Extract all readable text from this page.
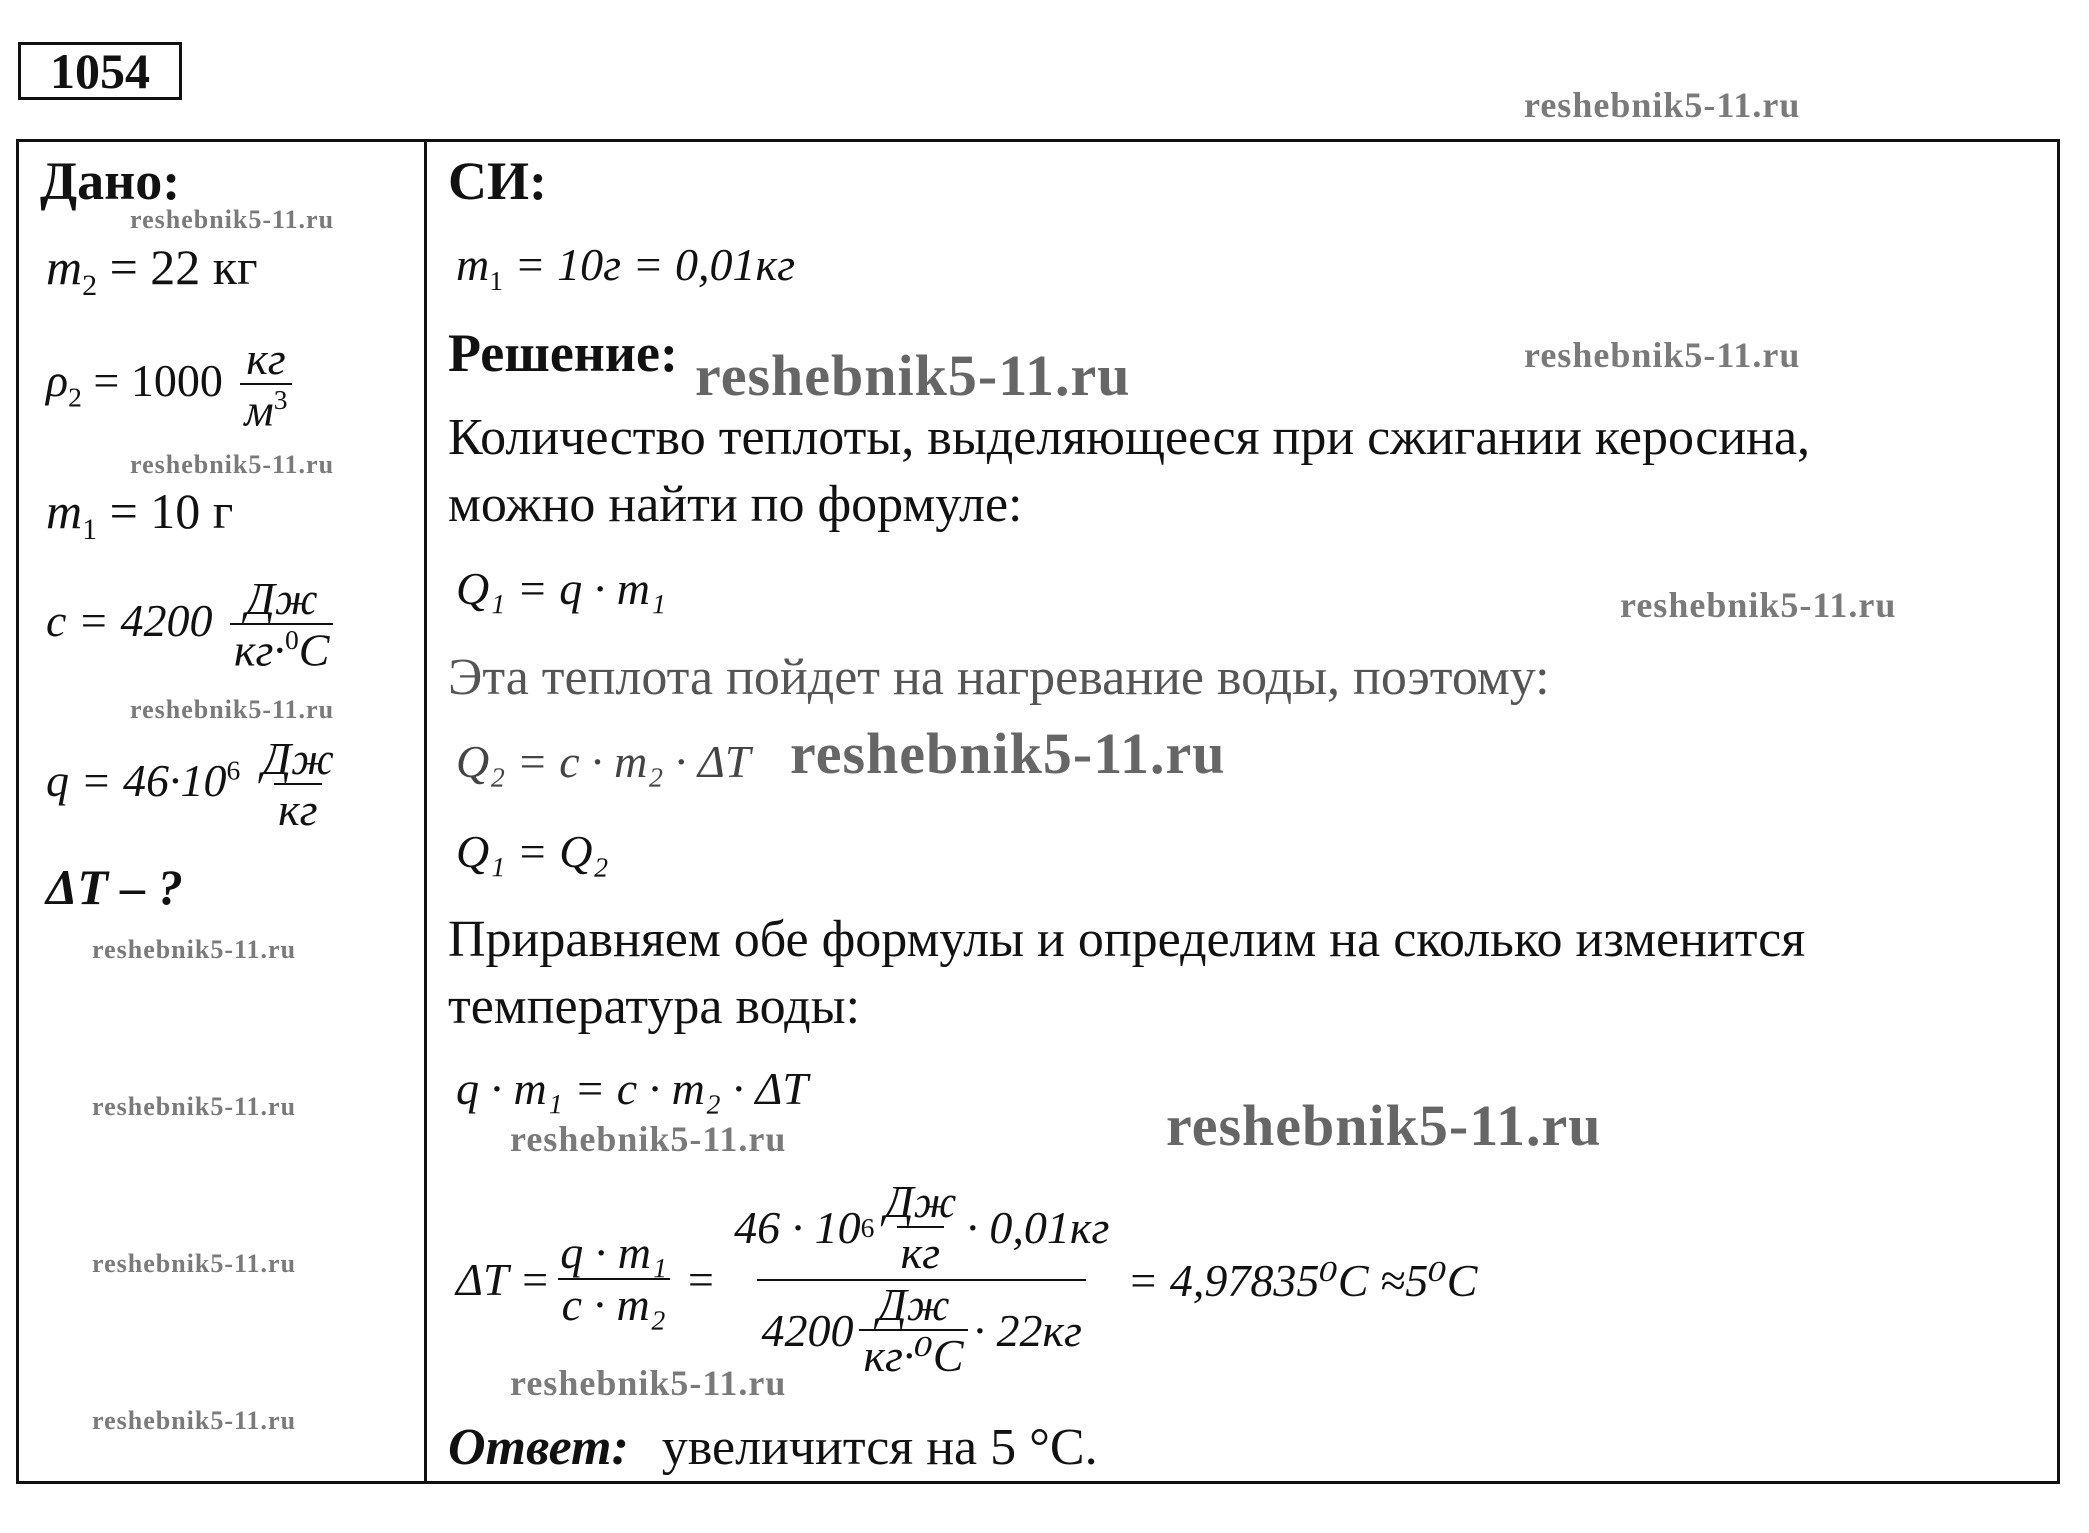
1054
reshebnik5-11.ru
Дано:
reshebnik5-11.ru
$m_2 = 22$ кг
$\rho_2 = 1000 \frac{кг}{м^3}$
reshebnik5-11.ru
$m_1 = 10$ г
$c = 4200 \frac{Дж}{кг\cdot^0C}$
reshebnik5-11.ru
$q = 46\cdot 10^6 \frac{Дж}{кг}$
ΔT – ?
reshebnik5-11.ru
reshebnik5-11.ru
reshebnik5-11.ru
reshebnik5-11.ru
СИ:
$m_1 = 10г = 0,01кг$
Решение: reshebnik5-11.ru	reshebnik5-11.ru
Количество теплоты, выделяющееся при сжигании керосина,
можно найти по формуле:
Q₁ = q · m₁	reshebnik5-11.ru
Эта теплота пойдет на нагревание воды, поэтому:
Q₂ = c · m₂ · ΔT reshebnik5-11.ru
Q₁ = Q₂
Приравняем обе формулы и определим на сколько изменится
температура воды:
q · m₁ = c · m₂ · ΔT
reshebnik5-11.ru	reshebnik5-11.ru
$\Delta T = \frac{\text{q · m₁}}{\text{c · m₂}} = \frac{46 \cdot 10 6 \frac{Дж}{кг} \cdot 0,01кг}{4200 \frac{Дж}{\text{кг·⁰C}} \cdot 22кг} = 4,97835^0C \approx 5^0C$
reshebnik5-11.ru
Ответ: увеличится на 5 °C.
